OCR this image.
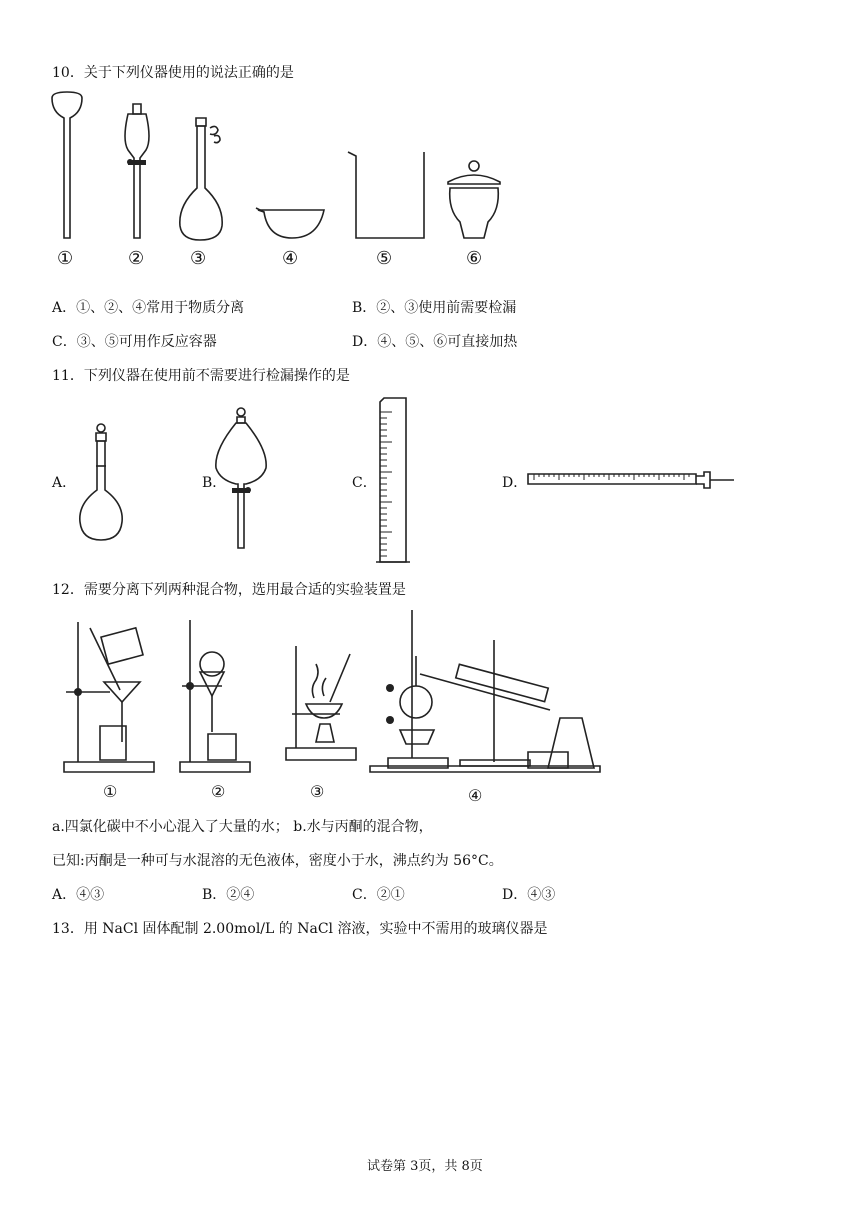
10．关于下列仪器使用的说法正确的是
①	②	③	④	⑤	⑥
A．①、②、④常用于物质分离	B．②、③使用前需要检漏
C．③、⑤可用作反应容器	D．④、⑤、⑥可直接加热
11．下列仪器在使用前不需要进行检漏操作的是
A．	B．	C．	D．
12．需要分离下列两种混合物，选用最合适的实验装置是
①	②	③	④
a.四氯化碳中不小心混入了大量的水； b.水与丙酮的混合物，
已知:丙酮是一种可与水混溶的无色液体，密度小于水，沸点约为 56°C。
A．④③	B．②④	C．②①	D．④③
13．用 NaCl 固体配制 2.00mol/L 的 NaCl 溶液，实验中不需用的玻璃仪器是
试卷第 3页，共 8页
